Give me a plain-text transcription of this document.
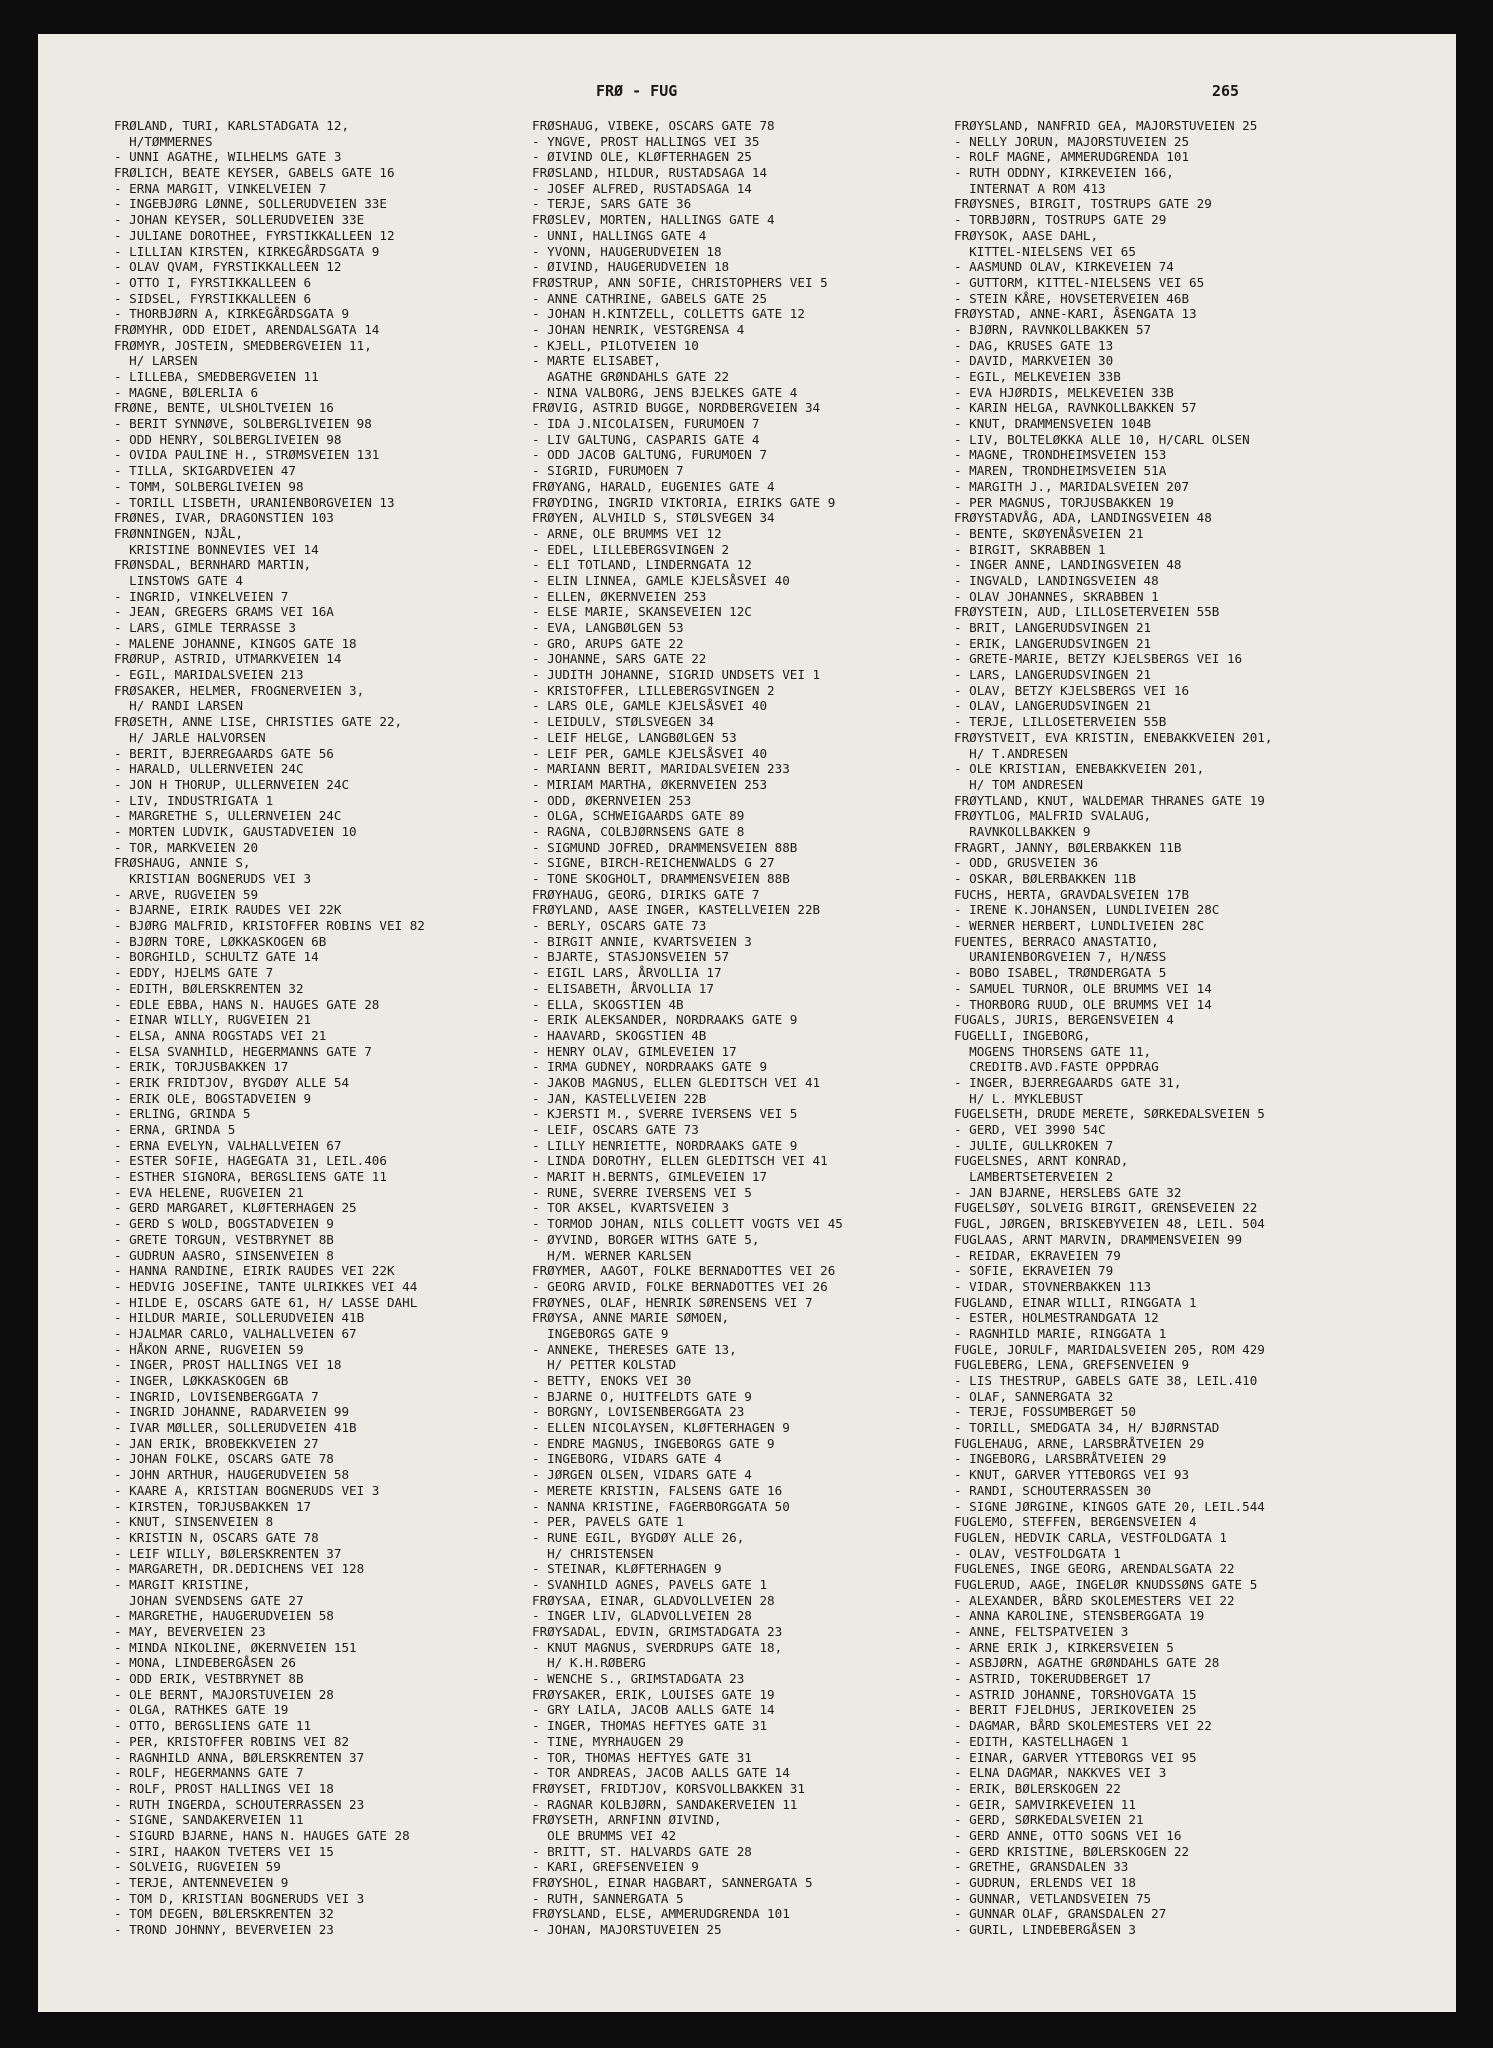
FRØ - FUG	265
FRØLAND, TURI, KARLSTADGATA 12,
H/TØMMERNES
- UNNI AGATHE, WILHELMS GATE 3
FRØLICH, BEATE KEYSER, GABELS GATE 16
- ERNA MARGIT, VINKELVEIEN 7
- INGEBJØRG LØNNE, SOLLERUDVEIEN 33E
- JOHAN KEYSER, SOLLERUDVEIEN 33E
- JULIANE DOROTHEE, FYRSTIKKALLEEN 12
- LILLIAN KIRSTEN, KIRKEGÅRDSGATA 9
- OLAV QVAM, FYRSTIKKALLEEN 12
- OTTO I, FYRSTIKKALLEEN 6
- SIDSEL, FYRSTIKKALLEEN 6
- THORBJØRN A, KIRKEGÅRDSGATA 9
FRØMYHR, ODD EIDET, ARENDALSGATA 14
FRØMYR, JOSTEIN, SMEDBERGVEIEN 11,
H/ LARSEN
- LILLEBA, SMEDBERGVEIEN 11
- MAGNE, BØLERLIA 6
FRØNE, BENTE, ULSHOLTVEIEN 16
- BERIT SYNNØVE, SOLBERGLIVEIEN 98
- ODD HENRY, SOLBERGLIVEIEN 98
- OVIDA PAULINE H., STRØMSVEIEN 131
- TILLA, SKIGARDVEIEN 47
- TOMM, SOLBERGLIVEIEN 98
- TORILL LISBETH, URANIENBORGVEIEN 13
FRØNES, IVAR, DRAGONSTIEN 103
FRØNNINGEN, NJÅL,
KRISTINE BONNEVIES VEI 14
FRØNSDAL, BERNHARD MARTIN,
LINSTOWS GATE 4
- INGRID, VINKELVEIEN 7
- JEAN, GREGERS GRAMS VEI 16A
- LARS, GIMLE TERRASSE 3
- MALENE JOHANNE, KINGOS GATE 18
FRØRUP, ASTRID, UTMARKVEIEN 14
- EGIL, MARIDALSVEIEN 213
FRØSAKER, HELMER, FROGNERVEIEN 3,
H/ RANDI LARSEN
FRØSETH, ANNE LISE, CHRISTIES GATE 22,
H/ JARLE HALVORSEN
- BERIT, BJERREGAARDS GATE 56
- HARALD, ULLERNVEIEN 24C
- JON H THORUP, ULLERNVEIEN 24C
- LIV, INDUSTRIGATA 1
- MARGRETHE S, ULLERNVEIEN 24C
- MORTEN LUDVIK, GAUSTADVEIEN 10
- TOR, MARKVEIEN 20
FRØSHAUG, ANNIE S,
KRISTIAN BOGNERUDS VEI 3
- ARVE, RUGVEIEN 59
- BJARNE, EIRIK RAUDES VEI 22K
- BJØRG MALFRID, KRISTOFFER ROBINS VEI 82
- BJØRN TORE, LØKKASKOGEN 6B
- BORGHILD, SCHULTZ GATE 14
- EDDY, HJELMS GATE 7
- EDITH, BØLERSKRENTEN 32
- EDLE EBBA, HANS N. HAUGES GATE 28
- EINAR WILLY, RUGVEIEN 21
- ELSA, ANNA ROGSTADS VEI 21
- ELSA SVANHILD, HEGERMANNS GATE 7
- ERIK, TORJUSBAKKEN 17
- ERIK FRIDTJOV, BYGDØY ALLE 54
- ERIK OLE, BOGSTADVEIEN 9
- ERLING, GRINDA 5
- ERNA, GRINDA 5
- ERNA EVELYN, VALHALLVEIEN 67
- ESTER SOFIE, HAGEGATA 31, LEIL.406
- ESTHER SIGNORA, BERGSLIENS GATE 11
- EVA HELENE, RUGVEIEN 21
- GERD MARGARET, KLØFTERHAGEN 25
- GERD S WOLD, BOGSTADVEIEN 9
- GRETE TORGUN, VESTBRYNET 8B
- GUDRUN AASRO, SINSENVEIEN 8
- HANNA RANDINE, EIRIK RAUDES VEI 22K
- HEDVIG JOSEFINE, TANTE ULRIKKES VEI 44
- HILDE E, OSCARS GATE 61, H/ LASSE DAHL
- HILDUR MARIE, SOLLERUDVEIEN 41B
- HJALMAR CARLO, VALHALLVEIEN 67
- HÅKON ARNE, RUGVEIEN 59
- INGER, PROST HALLINGS VEI 18
- INGER, LØKKASKOGEN 6B
- INGRID, LOVISENBERGGATA 7
- INGRID JOHANNE, RADARVEIEN 99
- IVAR MØLLER, SOLLERUDVEIEN 41B
- JAN ERIK, BROBEKKVEIEN 27
- JOHAN FOLKE, OSCARS GATE 78
- JOHN ARTHUR, HAUGERUDVEIEN 58
- KAARE A, KRISTIAN BOGNERUDS VEI 3
- KIRSTEN, TORJUSBAKKEN 17
- KNUT, SINSENVEIEN 8
- KRISTIN N, OSCARS GATE 78
- LEIF WILLY, BØLERSKRENTEN 37
- MARGARETH, DR.DEDICHENS VEI 128
- MARGIT KRISTINE,
JOHAN SVENDSENS GATE 27
- MARGRETHE, HAUGERUDVEIEN 58
- MAY, BEVERVEIEN 23
- MINDA NIKOLINE, ØKERNVEIEN 151
- MONA, LINDEBERGÅSEN 26
- ODD ERIK, VESTBRYNET 8B
- OLE BERNT, MAJORSTUVEIEN 28
- OLGA, RATHKES GATE 19
- OTTO, BERGSLIENS GATE 11
- PER, KRISTOFFER ROBINS VEI 82
- RAGNHILD ANNA, BØLERSKRENTEN 37
- ROLF, HEGERMANNS GATE 7
- ROLF, PROST HALLINGS VEI 18
- RUTH INGERDA, SCHOUTERRASSEN 23
- SIGNE, SANDAKERVEIEN 11
- SIGURD BJARNE, HANS N. HAUGES GATE 28
- SIRI, HAAKON TVETERS VEI 15
- SOLVEIG, RUGVEIEN 59
- TERJE, ANTENNEVEIEN 9
- TOM D, KRISTIAN BOGNERUDS VEI 3
- TOM DEGEN, BØLERSKRENTEN 32
- TROND JOHNNY, BEVERVEIEN 23
FRØSHAUG, VIBEKE, OSCARS GATE 78
- YNGVE, PROST HALLINGS VEI 35
- ØIVIND OLE, KLØFTERHAGEN 25
FRØSLAND, HILDUR, RUSTADSAGA 14
- JOSEF ALFRED, RUSTADSAGA 14
- TERJE, SARS GATE 36
FRØSLEV, MORTEN, HALLINGS GATE 4
- UNNI, HALLINGS GATE 4
- YVONN, HAUGERUDVEIEN 18
- ØIVIND, HAUGERUDVEIEN 18
FRØSTRUP, ANN SOFIE, CHRISTOPHERS VEI 5
- ANNE CATHRINE, GABELS GATE 25
- JOHAN H.KINTZELL, COLLETTS GATE 12
- JOHAN HENRIK, VESTGRENSA 4
- KJELL, PILOTVEIEN 10
- MARTE ELISABET,
AGATHE GRØNDAHLS GATE 22
- NINA VALBORG, JENS BJELKES GATE 4
FRØVIG, ASTRID BUGGE, NORDBERGVEIEN 34
- IDA J.NICOLAISEN, FURUMOEN 7
- LIV GALTUNG, CASPARIS GATE 4
- ODD JACOB GALTUNG, FURUMOEN 7
- SIGRID, FURUMOEN 7
FRØYANG, HARALD, EUGENIES GATE 4
FRØYDING, INGRID VIKTORIA, EIRIKS GATE 9
FRØYEN, ALVHILD S, STØLSVEGEN 34
- ARNE, OLE BRUMMS VEI 12
- EDEL, LILLEBERGSVINGEN 2
- ELI TOTLAND, LINDERNGATA 12
- ELIN LINNEA, GAMLE KJELSÅSVEI 40
- ELLEN, ØKERNVEIEN 253
- ELSE MARIE, SKANSEVEIEN 12C
- EVA, LANGBØLGEN 53
- GRO, ARUPS GATE 22
- JOHANNE, SARS GATE 22
- JUDITH JOHANNE, SIGRID UNDSETS VEI 1
- KRISTOFFER, LILLEBERGSVINGEN 2
- LARS OLE, GAMLE KJELSÅSVEI 40
- LEIDULV, STØLSVEGEN 34
- LEIF HELGE, LANGBØLGEN 53
- LEIF PER, GAMLE KJELSÅSVEI 40
- MARIANN BERIT, MARIDALSVEIEN 233
- MIRIAM MARTHA, ØKERNVEIEN 253
- ODD, ØKERNVEIEN 253
- OLGA, SCHWEIGAARDS GATE 89
- RAGNA, COLBJØRNSENS GATE 8
- SIGMUND JOFRED, DRAMMENSVEIEN 88B
- SIGNE, BIRCH-REICHENWALDS G 27
- TONE SKOGHOLT, DRAMMENSVEIEN 88B
FRØYHAUG, GEORG, DIRIKS GATE 7
FRØYLAND, AASE INGER, KASTELLVEIEN 22B
- BERLY, OSCARS GATE 73
- BIRGIT ANNIE, KVARTSVEIEN 3
- BJARTE, STASJONSVEIEN 57
- EIGIL LARS, ÅRVOLLIA 17
- ELISABETH, ÅRVOLLIA 17
- ELLA, SKOGSTIEN 4B
- ERIK ALEKSANDER, NORDRAAKS GATE 9
- HAAVARD, SKOGSTIEN 4B
- HENRY OLAV, GIMLEVEIEN 17
- IRMA GUDNEY, NORDRAAKS GATE 9
- JAKOB MAGNUS, ELLEN GLEDITSCH VEI 41
- JAN, KASTELLVEIEN 22B
- KJERSTI M., SVERRE IVERSENS VEI 5
- LEIF, OSCARS GATE 73
- LILLY HENRIETTE, NORDRAAKS GATE 9
- LINDA DOROTHY, ELLEN GLEDITSCH VEI 41
- MARIT H.BERNTS, GIMLEVEIEN 17
- RUNE, SVERRE IVERSENS VEI 5
- TOR AKSEL, KVARTSVEIEN 3
- TORMOD JOHAN, NILS COLLETT VOGTS VEI 45
- ØYVIND, BORGER WITHS GATE 5,
H/M. WERNER KARLSEN
FRØYMER, AAGOT, FOLKE BERNADOTTES VEI 26
- GEORG ARVID, FOLKE BERNADOTTES VEI 26
FRØYNES, OLAF, HENRIK SØRENSENS VEI 7
FRØYSA, ANNE MARIE SØMOEN,
INGEBORGS GATE 9
- ANNEKE, THERESES GATE 13,
H/ PETTER KOLSTAD
- BETTY, ENOKS VEI 30
- BJARNE O, HUITFELDTS GATE 9
- BORGNY, LOVISENBERGGATA 23
- ELLEN NICOLAYSEN, KLØFTERHAGEN 9
- ENDRE MAGNUS, INGEBORGS GATE 9
- INGEBORG, VIDARS GATE 4
- JØRGEN OLSEN, VIDARS GATE 4
- MERETE KRISTIN, FALSENS GATE 16
- NANNA KRISTINE, FAGERBORGGATA 50
- PER, PAVELS GATE 1
- RUNE EGIL, BYGDØY ALLE 26,
H/ CHRISTENSEN
- STEINAR, KLØFTERHAGEN 9
- SVANHILD AGNES, PAVELS GATE 1
FRØYSAA, EINAR, GLADVOLLVEIEN 28
- INGER LIV, GLADVOLLVEIEN 28
FRØYSADAL, EDVIN, GRIMSTADGATA 23
- KNUT MAGNUS, SVERDRUPS GATE 18,
H/ K.H.RØBERG
- WENCHE S., GRIMSTADGATA 23
FRØYSAKER, ERIK, LOUISES GATE 19
- GRY LAILA, JACOB AALLS GATE 14
- INGER, THOMAS HEFTYES GATE 31
- TINE, MYRHAUGEN 29
- TOR, THOMAS HEFTYES GATE 31
- TOR ANDREAS, JACOB AALLS GATE 14
FRØYSET, FRIDTJOV, KORSVOLLBAKKEN 31
- RAGNAR KOLBJØRN, SANDAKERVEIEN 11
FRØYSETH, ARNFINN ØIVIND,
OLE BRUMMS VEI 42
- BRITT, ST. HALVARDS GATE 28
- KARI, GREFSENVEIEN 9
FRØYSHOL, EINAR HAGBART, SANNERGATA 5
- RUTH, SANNERGATA 5
FRØYSLAND, ELSE, AMMERUDGRENDA 101
- JOHAN, MAJORSTUVEIEN 25
FRØYSLAND, NANFRID GEA, MAJORSTUVEIEN 25
- NELLY JORUN, MAJORSTUVEIEN 25
- ROLF MAGNE, AMMERUDGRENDA 101
- RUTH ODDNY, KIRKEVEIEN 166,
INTERNAT A ROM 413
FRØYSNES, BIRGIT, TOSTRUPS GATE 29
- TORBJØRN, TOSTRUPS GATE 29
FRØYSOK, AASE DAHL,
KITTEL-NIELSENS VEI 65
- AASMUND OLAV, KIRKEVEIEN 74
- GUTTORM, KITTEL-NIELSENS VEI 65
- STEIN KÅRE, HOVSETERVEIEN 46B
FRØYSTAD, ANNE-KARI, ÅSENGATA 13
- BJØRN, RAVNKOLLBAKKEN 57
- DAG, KRUSES GATE 13
- DAVID, MARKVEIEN 30
- EGIL, MELKEVEIEN 33B
- EVA HJØRDIS, MELKEVEIEN 33B
- KARIN HELGA, RAVNKOLLBAKKEN 57
- KNUT, DRAMMENSVEIEN 104B
- LIV, BOLTELØKKA ALLE 10, H/CARL OLSEN
- MAGNE, TRONDHEIMSVEIEN 153
- MAREN, TRONDHEIMSVEIEN 51A
- MARGITH J., MARIDALSVEIEN 207
- PER MAGNUS, TORJUSBAKKEN 19
FRØYSTADVÅG, ADA, LANDINGSVEIEN 48
- BENTE, SKØYENÅSVEIEN 21
- BIRGIT, SKRABBEN 1
- INGER ANNE, LANDINGSVEIEN 48
- INGVALD, LANDINGSVEIEN 48
- OLAV JOHANNES, SKRABBEN 1
FRØYSTEIN, AUD, LILLOSETERVEIEN 55B
- BRIT, LANGERUDSVINGEN 21
- ERIK, LANGERUDSVINGEN 21
- GRETE-MARIE, BETZY KJELSBERGS VEI 16
- LARS, LANGERUDSVINGEN 21
- OLAV, BETZY KJELSBERGS VEI 16
- OLAV, LANGERUDSVINGEN 21
- TERJE, LILLOSETERVEIEN 55B
FRØYSTVEIT, EVA KRISTIN, ENEBAKKVEIEN 201,
H/ T.ANDRESEN
- OLE KRISTIAN, ENEBAKKVEIEN 201,
H/ TOM ANDRESEN
FRØYTLAND, KNUT, WALDEMAR THRANES GATE 19
FRØYTLOG, MALFRID SVALAUG,
RAVNKOLLBAKKEN 9
FRAGRT, JANNY, BØLERBAKKEN 11B
- ODD, GRUSVEIEN 36
- OSKAR, BØLERBAKKEN 11B
FUCHS, HERTA, GRAVDALSVEIEN 17B
- IRENE K.JOHANSEN, LUNDLIVEIEN 28C
- WERNER HERBERT, LUNDLIVEIEN 28C
FUENTES, BERRACO ANASTATIO,
URANIENBORGVEIEN 7, H/NÆSS
- BOBO ISABEL, TRØNDERGATA 5
- SAMUEL TURNOR, OLE BRUMMS VEI 14
- THORBORG RUUD, OLE BRUMMS VEI 14
FUGALS, JURIS, BERGENSVEIEN 4
FUGELLI, INGEBORG,
MOGENS THORSENS GATE 11,
CREDITB.AVD.FASTE OPPDRAG
- INGER, BJERREGAARDS GATE 31,
H/ L. MYKLEBUST
FUGELSETH, DRUDE MERETE, SØRKEDALSVEIEN 5
- GERD, VEI 3990 54C
- JULIE, GULLKROKEN 7
FUGELSNES, ARNT KONRAD,
LAMBERTSETERVEIEN 2
- JAN BJARNE, HERSLEBS GATE 32
FUGELSØY, SOLVEIG BIRGIT, GRENSEVEIEN 22
FUGL, JØRGEN, BRISKEBYVEIEN 48, LEIL. 504
FUGLAAS, ARNT MARVIN, DRAMMENSVEIEN 99
- REIDAR, EKRAVEIEN 79
- SOFIE, EKRAVEIEN 79
- VIDAR, STOVNERBAKKEN 113
FUGLAND, EINAR WILLI, RINGGATA 1
- ESTER, HOLMESTRANDGATA 12
- RAGNHILD MARIE, RINGGATA 1
FUGLE, JORULF, MARIDALSVEIEN 205, ROM 429
FUGLEBERG, LENA, GREFSENVEIEN 9
- LIS THESTRUP, GABELS GATE 38, LEIL.410
- OLAF, SANNERGATA 32
- TERJE, FOSSUMBERGET 50
- TORILL, SMEDGATA 34, H/ BJØRNSTAD
FUGLEHAUG, ARNE, LARSBRÅTVEIEN 29
- INGEBORG, LARSBRÅTVEIEN 29
- KNUT, GARVER YTTEBORGS VEI 93
- RANDI, SCHOUTERRASSEN 30
- SIGNE JØRGINE, KINGOS GATE 20, LEIL.544
FUGLEMO, STEFFEN, BERGENSVEIEN 4
FUGLEN, HEDVIK CARLA, VESTFOLDGATA 1
- OLAV, VESTFOLDGATA 1
FUGLENES, INGE GEORG, ARENDALSGATA 22
FUGLERUD, AAGE, INGELØR KNUDSSØNS GATE 5
- ALEXANDER, BÅRD SKOLEMESTERS VEI 22
- ANNA KAROLINE, STENSBERGGATA 19
- ANNE, FELTSPATVEIEN 3
- ARNE ERIK J, KIRKERSVEIEN 5
- ASBJØRN, AGATHE GRØNDAHLS GATE 28
- ASTRID, TOKERUDBERGET 17
- ASTRID JOHANNE, TORSHOVGATA 15
- BERIT FJELDHUS, JERIKOVEIEN 25
- DAGMAR, BÅRD SKOLEMESTERS VEI 22
- EDITH, KASTELLHAGEN 1
- EINAR, GARVER YTTEBORGS VEI 95
- ELNA DAGMAR, NAKKVES VEI 3
- ERIK, BØLERSKOGEN 22
- GEIR, SAMVIRKEVEIEN 11
- GERD, SØRKEDALSVEIEN 21
- GERD ANNE, OTTO SOGNS VEI 16
- GERD KRISTINE, BØLERSKOGEN 22
- GRETHE, GRANSDALEN 33
- GUDRUN, ERLENDS VEI 18
- GUNNAR, VETLANDSVEIEN 75
- GUNNAR OLAF, GRANSDALEN 27
- GURIL, LINDEBERGÅSEN 3
